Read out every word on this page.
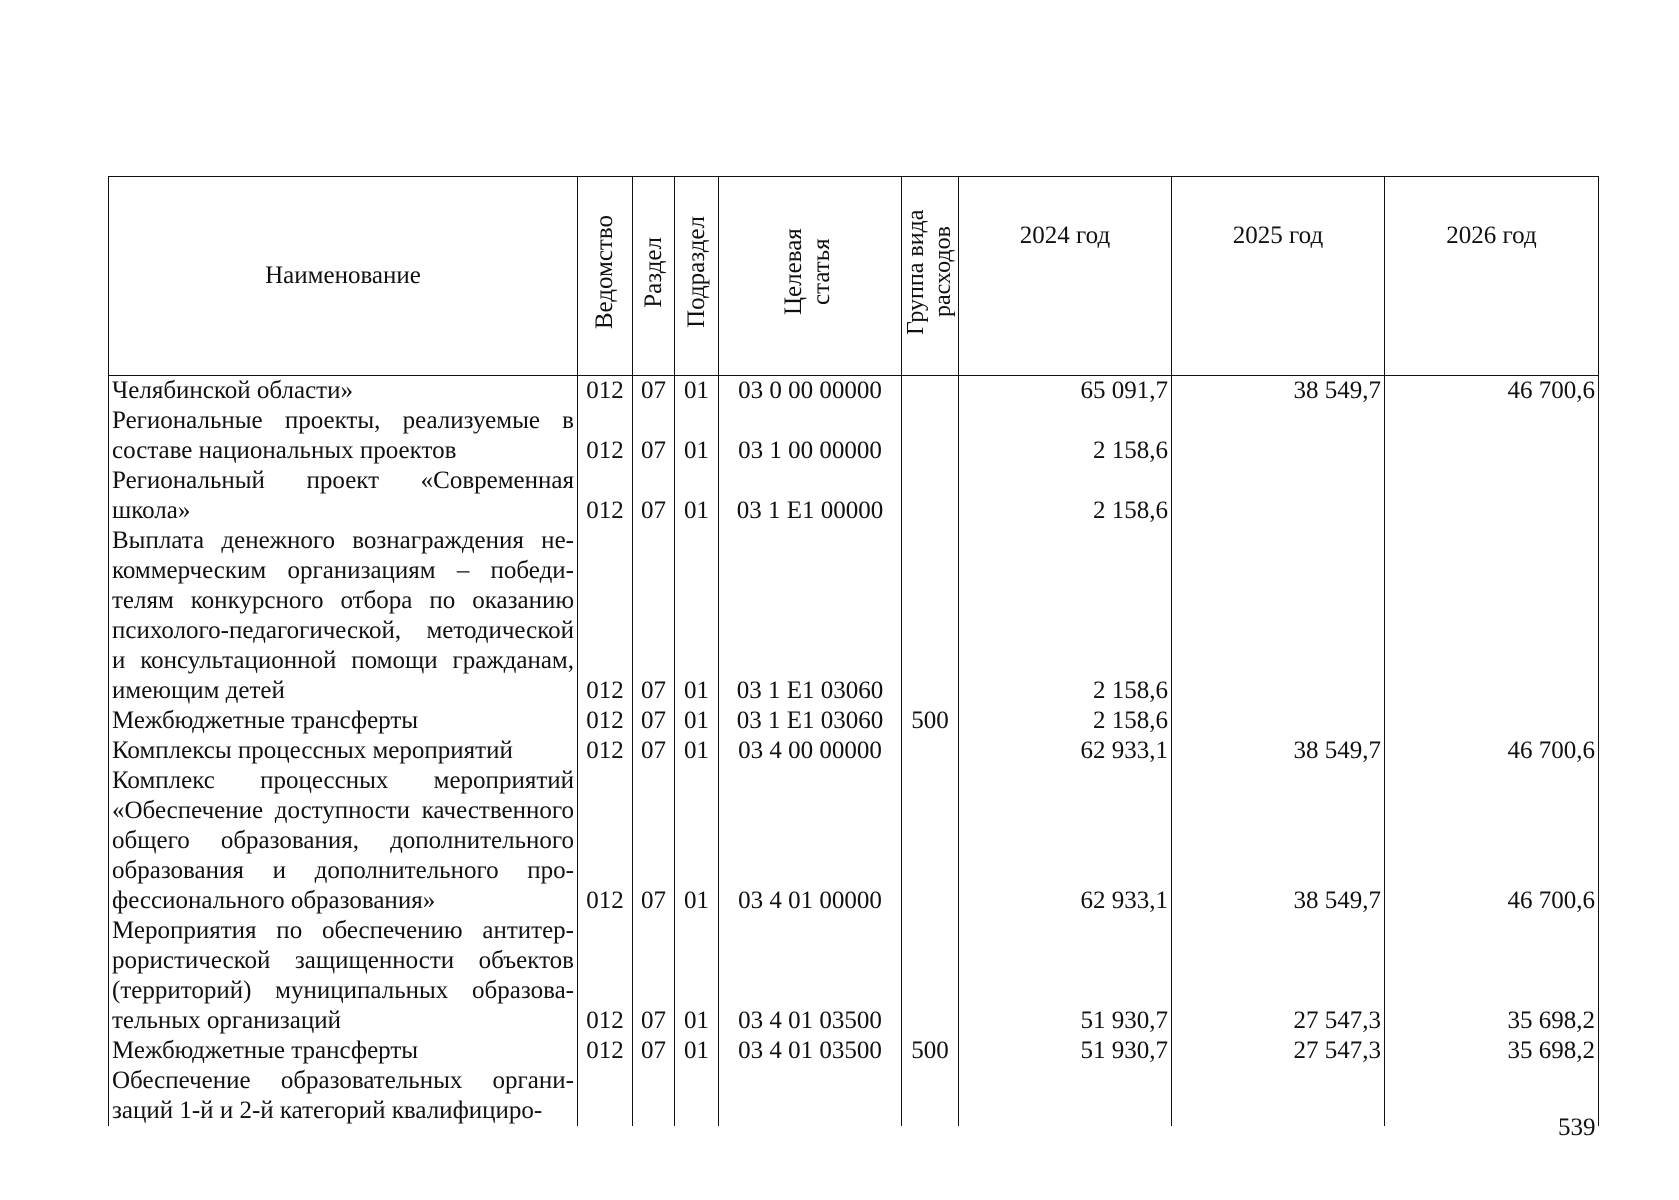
Наименование	Ведомство	Раздел	Подраздел	Целевая статья	Группа вида расходов	2024 год	2025 год	2026 год
Челябинской области»	012	07	01	03 0 00 00000		65 091,7	38 549,7	46 700,6
Региональные проекты, реализуемые в составе национальных проектов	012	07	01	03 1 00 00000		2 158,6		
Региональный проект «Современная школа»	012	07	01	03 1 Е1 00000		2 158,6		
Выплата денежного вознаграждения некоммерческим организациям – победителям конкурсного отбора по оказанию психолого-педагогической, методической и консультационной помощи гражданам, имеющим детей	012	07	01	03 1 Е1 03060		2 158,6		
Межбюджетные трансферты	012	07	01	03 1 Е1 03060	500	2 158,6		
Комплексы процессных мероприятий	012	07	01	03 4 00 00000		62 933,1	38 549,7	46 700,6
Комплекс процессных мероприятий «Обеспечение доступности качественного общего образования, дополнительного образования и дополнительного профессионального образования»	012	07	01	03 4 01 00000		62 933,1	38 549,7	46 700,6
Мероприятия по обеспечению антитеррористической защищенности объектов (территорий) муниципальных образовательных организаций	012	07	01	03 4 01 03500		51 930,7	27 547,3	35 698,2
Межбюджетные трансферты	012	07	01	03 4 01 03500	500	51 930,7	27 547,3	35 698,2
Обеспечение образовательных организаций 1-й и 2-й категорий квалифициро-								
539
